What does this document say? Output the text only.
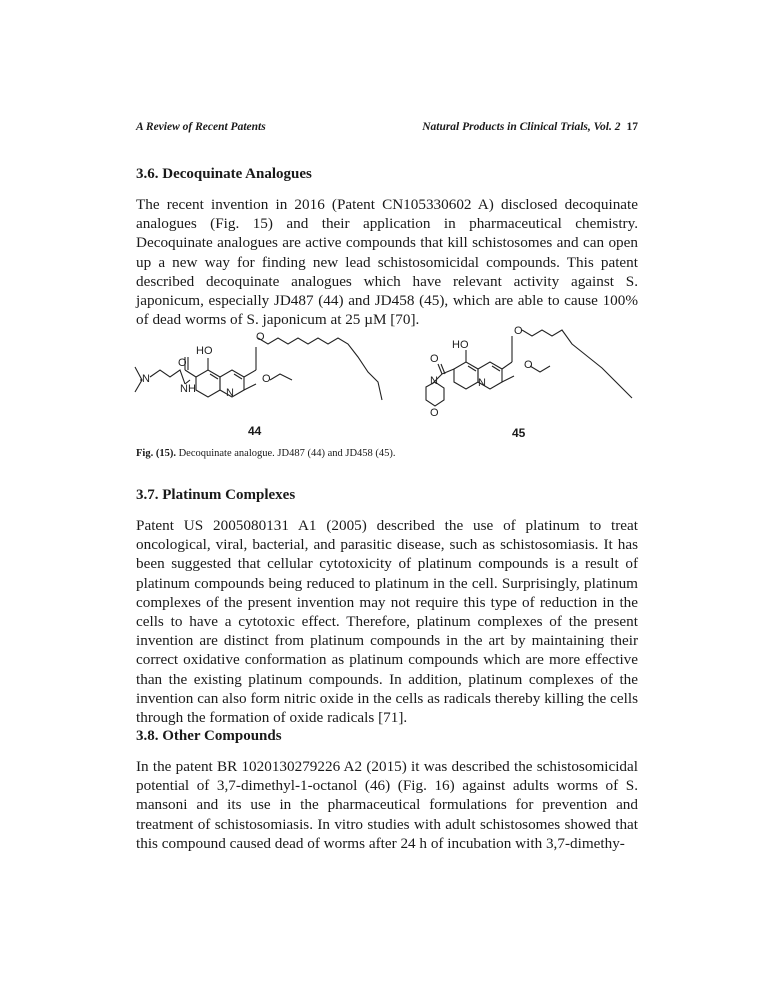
A Review of Recent Patents	Natural Products in Clinical Trials, Vol. 2 17
3.6. Decoquinate Analogues

The recent invention in 2016 (Patent CN105330602 A) disclosed decoquinate
analogues (Fig. 15) and their application in pharmaceutical chemistry.
Decoquinate analogues are active compounds that kill schistosomes and can open
up a new way for finding new lead schistosomicidal compounds. This patent
described decoquinate analogues which have relevant activity against S.
japonicum, especially JD487 (44) and JD458 (45), which are able to cause 100%
of dead worms of S. japonicum at 25 µM [70].

HO
O
O
N
NH	N
O
HO
O
O
N
N
O
O
44	45
Fig. (15). Decoquinate analogue. JD487 (44) and JD458 (45).
3.7. Platinum Complexes

Patent US 2005080131 A1 (2005) described the use of platinum to treat
oncological, viral, bacterial, and parasitic disease, such as schistosomiasis. It has
been suggested that cellular cytotoxicity of platinum compounds is a result of
platinum compounds being reduced to platinum in the cell. Surprisingly, platinum
complexes of the present invention may not require this type of reduction in the
cells to have a cytotoxic effect. Therefore, platinum complexes of the present
invention are distinct from platinum compounds in the art by maintaining their
correct oxidative conformation as platinum compounds which are more effective
than the existing platinum compounds. In addition, platinum complexes of the
invention can also form nitric oxide in the cells as radicals thereby killing the cells
through the formation of oxide radicals [71].

3.8. Other Compounds

In the patent BR 1020130279226 A2 (2015) it was described the schistosomicidal
potential of 3,7-dimethyl-1-octanol (46) (Fig. 16) against adults worms of S.
mansoni and its use in the pharmaceutical formulations for prevention and
treatment of schistosomiasis. In vitro studies with adult schistosomes showed that
this compound caused dead of worms after 24 h of incubation with 3,7-dimethy-
